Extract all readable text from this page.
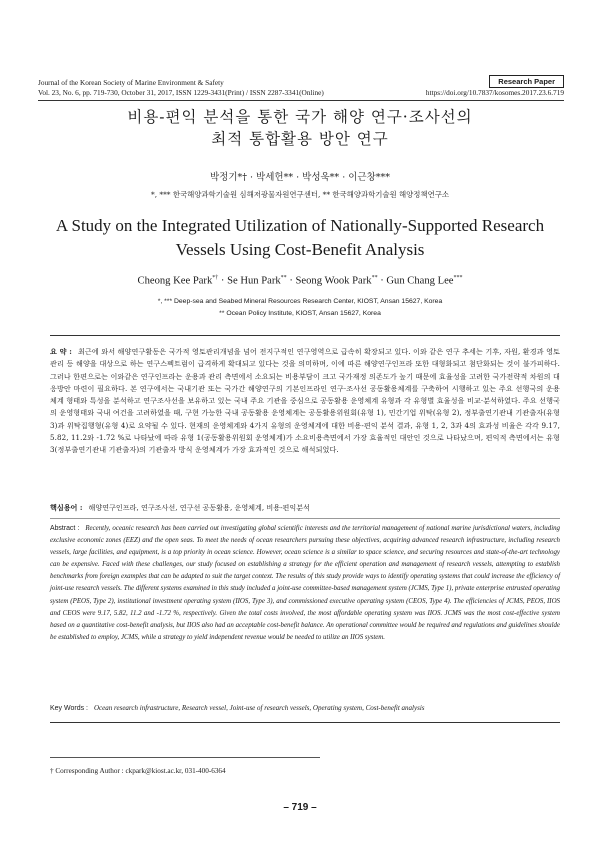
Journal of the Korean Society of Marine Environment & Safety
Vol. 23, No. 6, pp. 719-730, October 31, 2017, ISSN 1229-3431(Print) / ISSN 2287-3341(Online)
Research Paper
https://doi.org/10.7837/kosomes.2017.23.6.719
비용-편익 분석을 통한 국가 해양 연구·조사선의
최적 통합활용 방안 연구
박정기*† · 박세헌** · 박성욱** · 이근창***
*, *** 한국해양과학기술원 심해저광물자원연구센터, ** 한국해양과학기술원 해양정책연구소
A Study on the Integrated Utilization of Nationally-Supported Research
Vessels Using Cost-Benefit Analysis
Cheong Kee Park*† · Se Hun Park** · Seong Wook Park** · Gun Chang Lee***
*, *** Deep-sea and Seabed Mineral Resources Research Center, KIOST, Ansan 15627, Korea
** Ocean Policy Institute, KIOST, Ansan 15627, Korea
요 약 : 최근에 와서 해양연구활동은 국가적 영토관리개념을 넘어 전지구적인 연구영역으로 급속히 확장되고 있다. 이와 같은 연구 추세는 기후, 자원, 환경과 영토관리 등 해양을 대상으로 하는 연구스펙트럼이 급격하게 확대되고 있다는 것을 의미하며, 이에 따른 해양연구인프라 또한 대형화되고 첨단화되는 것이 불가피하다. 그러나 한편으로는 이와같은 연구인프라는 운용과 관리 측면에서 소요되는 비용부담이 크고 국가재정 의존도가 높기 때문에 효율성을 고려한 국가전략적 차원의 대응방안 마련이 필요하다. 본 연구에서는 국내기관 또는 국가간 해양연구의 기본인프라인 연구·조사선 공동활용체계를 구축하여 시행하고 있는 주요 선행국의 운용체계 형태와 특성을 분석하고 연구조사선을 보유하고 있는 국내 주요 기관을 중심으로 공동활용 운영체계 유형과 각 유형별 효율성을 비교·분석하였다. 주요 선행국의 운영형태와 국내 여건을 고려하였을 때, 구현 가능한 국내 공동활용 운영체계는 공동활용위원회(유형 1), 민간기업 위탁(유형 2), 정부출연기관내 기관출자(유형 3)과 위탁집행형(유형 4)로 요약될 수 있다. 현재의 운영체계와 4가지 유형의 운영체계에 대한 비용-편익 분석 결과, 유형 1, 2, 3과 4의 효과성 비율은 각각 9.17, 5.82, 11.2와 -1.72 %로 나타났에 따라 유형 1(공동활용위원회 운영체계)가 소요비용측면에서 가장 효율적인 대안인 것으로 나타났으며, 편익적 측면에서는 유형 3(정부출연기관내 기관출자)의 기관출자 방식 운영체계가 가장 효과적인 것으로 해석되었다.
핵심용어 : 해양연구인프라, 연구조사선, 연구선 공동활용, 운영체계, 비용-편익분석
Abstract : Recently, oceanic research has been carried out investigating global scientific interests and the territorial management of national marine jurisdictional waters, including exclusive economic zones (EEZ) and the open seas. To meet the needs of ocean researchers pursuing these objectives, acquiring advanced research infrastructure, including research vessels, large facilities, and equipment, is a top priority in ocean science. However, ocean science is a similar to space science, and securing resources and state-of-the-art technology can be expensive. Faced with these challenges, our study focused on establishing a strategy for the efficient operation and management of research vessels, attempting to establish benchmarks from foreign examples that can be adapted to suit the target context. The results of this study provide ways to identify operating systems that could increase the efficiency of joint-use research vessels. The different systems examined in this study included a joint-use committee-based management system (JCMS, Type 1), private enterprise entrusted operating system (PEOS, Type 2), institutional investment operating system (IIOS, Type 3), and commissioned executive operating system (CEOS, Type 4). The efficiencies of JCMS, PEOS, IIOS and CEOS were 9.17, 5.82, 11.2 and -1.72 %, respectively. Given the total costs involved, the most affordable operating system was IIOS. JCMS was the most cost-effective system based on a quantitative cost-benefit analysis, but IIOS also had an acceptable cost-benefit balance. An operational committee would be required and regulations and guidelines shoulde be established to employ, JCMS, while a strategy to yield independent revenue would be needed to utilize an IIOS system.
Key Words : Ocean research infrastructure, Research vessel, Joint-use of research vessels, Operating system, Cost-benefit analysis
† Corresponding Author : ckpark@kiost.ac.kr, 031-400-6364
– 719 –
